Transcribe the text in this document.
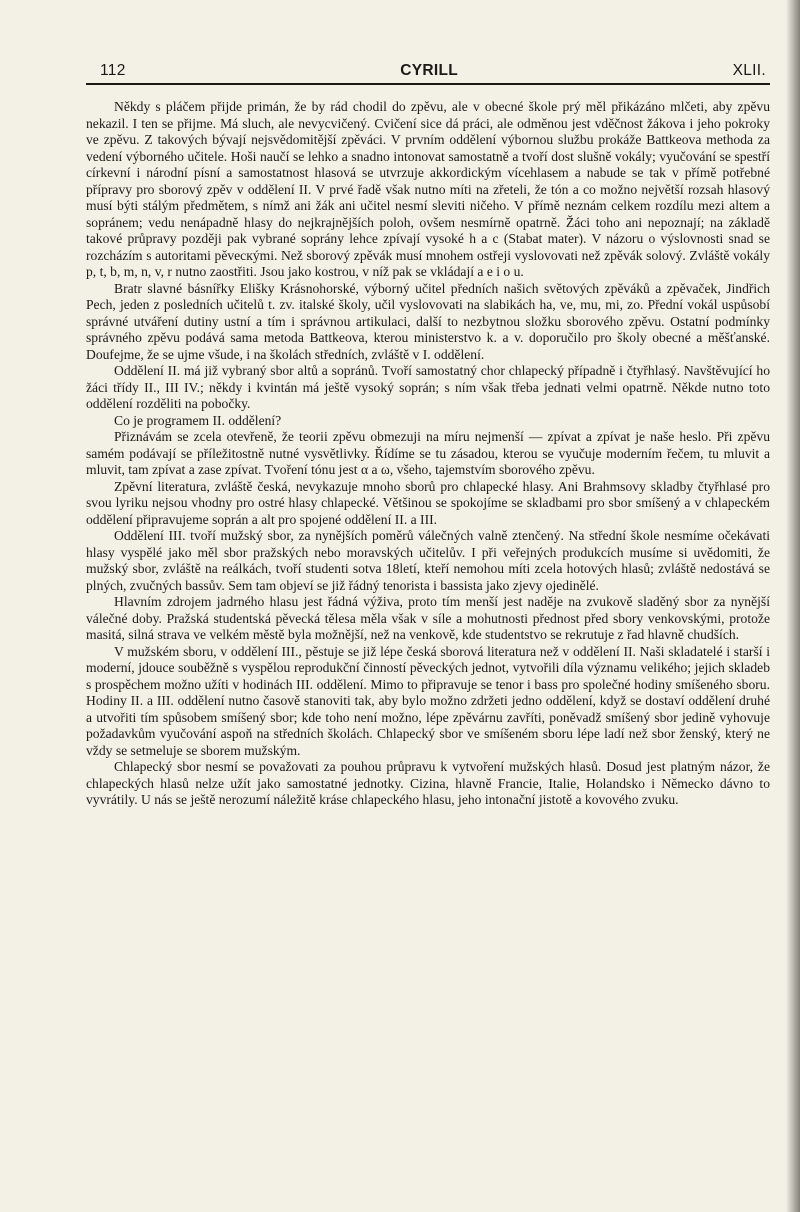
112	CYRILL	XLII.

Někdy s pláčem přijde primán, že by rád chodil do zpěvu, ale v obecné škole prý měl přikázáno mlčeti, aby zpěvu nekazil. I ten se přijme. Má sluch, ale nevycvičený. Cvičení sice dá práci, ale odměnou jest vděčnost žákova i jeho pokroky ve zpěvu. Z takových bývají nejsvědomitější zpěváci. V prvním oddělení výbornou službu prokáže Battkeova methoda za vedení výborného učitele. Hoši naučí se lehko a snadno intonovat samostatně a tvoří dost slušně vokály; vyučování se spestří církevní i národní písní a samostatnost hlasová se utvrzuje akkordickým vícehlasem a nabude se tak v přímě potřebné přípravy pro sborový zpěv v oddělení II. V prvé řadě však nutno míti na zřeteli, že tón a co možno největší rozsah hlasový musí býti stálým předmětem, s nímž ani žák ani učitel nesmí sleviti ničeho. V přímě neznám celkem rozdílu mezi altem a sopránem; vedu nenápadně hlasy do nejkrajnějších poloh, ovšem nesmírně opatrně. Žáci toho ani nepoznají; na základě takové průpravy později pak vybrané soprány lehce zpívají vysoké h a c (Stabat mater). V názoru o výslovnosti snad se rozcházím s autoritami pěvecкými. Než sborový zpěvák musí mnohem ostřeji vyslovovati než zpěvák solový. Zvláště vokály p, t, b, m, n, v, r nutno zaostřiti. Jsou jako kostrou, v níž pak se vkládají a e i o u.

Bratr slavné básnířky Elišky Krásnohorské, výborný učitel předních našich světových zpěváků a zpěvaček, Jindřich Pech, jeden z posledních učitelů t. zv. italské školy, učil vyslovovati na slabikách ha, ve, mu, mi, zo. Přední vokál uspůsobí správné utváření dutiny ustní a tím i správnou artikulaci, další to nezbytnou složku sborového zpěvu. Ostatní podmínky správného zpěvu podává sama metoda Battkeova, kterou ministerstvo k. a v. doporučilo pro školy obecné a měšťanské. Doufejme, že se ujme všude, i na školách středních, zvláště v I. oddělení.

Oddělení II. má již vybraný sbor altů a sopránů. Tvoří samostatný chor chlapecký případně i čtyřhlasý. Navštěvující ho žáci třídy II., III IV.; někdy i kvintán má ještě vysoký soprán; s ním však třeba jednati velmi opatrně. Někde nutno toto oddělení rozděliti na pobočky.

Co je programem II. oddělení?

Přiznávám se zcela otevřeně, že teorii zpěvu obmezuji na míru nejmenší — zpívat a zpívat je naše heslo. Při zpěvu samém podávají se příležitostně nutné vysvětlivky. Řídíme se tu zásadou, kterou se vyučuje moderním řečem, tu mluvit a mluvit, tam zpívat a zase zpívat. Tvoření tónu jest α a ω, všeho, tajemstvím sborového zpěvu.

Zpěvní literatura, zvláště česká, nevykazuje mnoho sborů pro chlapecké hlasy. Ani Brahmsovy skladby čtyřhlasé pro svou lyriku nejsou vhodny pro ostré hlasy chlapecké. Většinou se spokojíme se skladbami pro sbor smíšený a v chlapeckém oddělení připravujeme soprán a alt pro spojené oddělení II. a III.

Oddělení III. tvoří mužský sbor, za nynějších poměrů válečných valně ztenčený. Na střední škole nesmíme očekávati hlasy vyspělé jako měl sbor pražských nebo moravských učitelův. I při veřejných produkcích musíme si uvědomiti, že mužský sbor, zvláště na reálkách, tvoří studenti sotva 18letí, kteří nemohou míti zcela hotových hlasů; zvláště nedostává se plných, zvučných bassův. Sem tam objeví se již řádný tenorista i bassista jako zjevy ojedinělé.

Hlavním zdrojem jadrného hlasu jest řádná výživa, proto tím menší jest naděje na zvukově sladěný sbor za nynější válečné doby. Pražská studentská pěvecká tělesa měla však v síle a mohutnosti přednost před sbory venkovskými, protože masitá, silná strava ve velkém městě byla možnější, než na venkově, kde studentstvo se rekrutuje z řad hlavně chudších.

V mužském sboru, v oddělení III., pěstuje se již lépe česká sborová literatura než v oddělení II. Naši skladatelé i starší i moderní, jdouce souběžně s vyspělou reprodukční činností pěveckých jednot, vytvořili díla významu velikého; jejich skladeb s prospěchem možno užíti v hodinách III. oddělení. Mimo to připravuje se tenor i bass pro společné hodiny smíšeného sboru. Hodiny II. a III. oddělení nutno časově stanoviti tak, aby bylo možno zdržeti jedno oddělení, když se dostaví oddělení druhé a utvořiti tím spůsobem smíšený sbor; kde toho není možno, lépe zpěvárnu zavříti, poněvadž smíšený sbor jedině vyhovuje požadavkům vyučování aspoň na středních školách. Chlapecký sbor ve smíšeném sboru lépe ladí než sbor ženský, který ne vždy se setmeluje se sborem mužským.

Chlapecký sbor nesmí se považovati za pouhou průpravu k vytvoření mužských hlasů. Dosud jest platným názor, že chlapeckých hlasů nelze užít jako samostatné jednotky. Cizina, hlavně Francie, Italie, Holandsko i Německo dávno to vyvrátily. U nás se ještě nerozumí náležitě kráse chlapeckého hlasu, jeho intonační jistotě a kovového zvuku.
